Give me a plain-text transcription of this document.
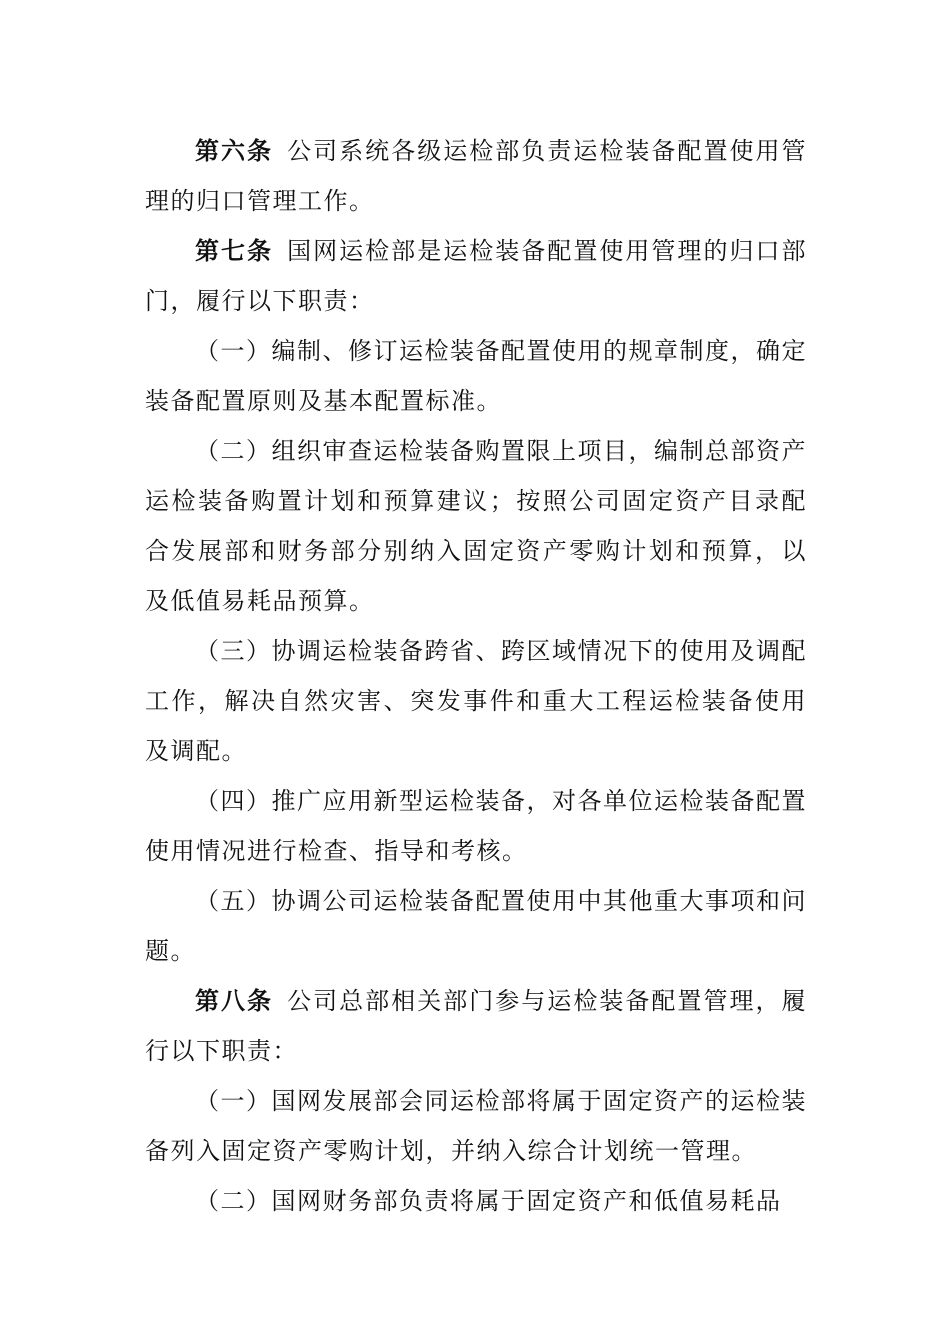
第六条 公司系统各级运检部负责运检装备配置使用管理的归口管理工作。

第七条 国网运检部是运检装备配置使用管理的归口部门，履行以下职责：

（一）编制、修订运检装备配置使用的规章制度，确定装备配置原则及基本配置标准。

（二）组织审查运检装备购置限上项目，编制总部资产运检装备购置计划和预算建议；按照公司固定资产目录配合发展部和财务部分别纳入固定资产零购计划和预算，以及低值易耗品预算。

（三）协调运检装备跨省、跨区域情况下的使用及调配工作，解决自然灾害、突发事件和重大工程运检装备使用及调配。

（四）推广应用新型运检装备，对各单位运检装备配置使用情况进行检查、指导和考核。

（五）协调公司运检装备配置使用中其他重大事项和问题。

第八条 公司总部相关部门参与运检装备配置管理，履行以下职责：

（一）国网发展部会同运检部将属于固定资产的运检装备列入固定资产零购计划，并纳入综合计划统一管理。

（二）国网财务部负责将属于固定资产和低值易耗品
